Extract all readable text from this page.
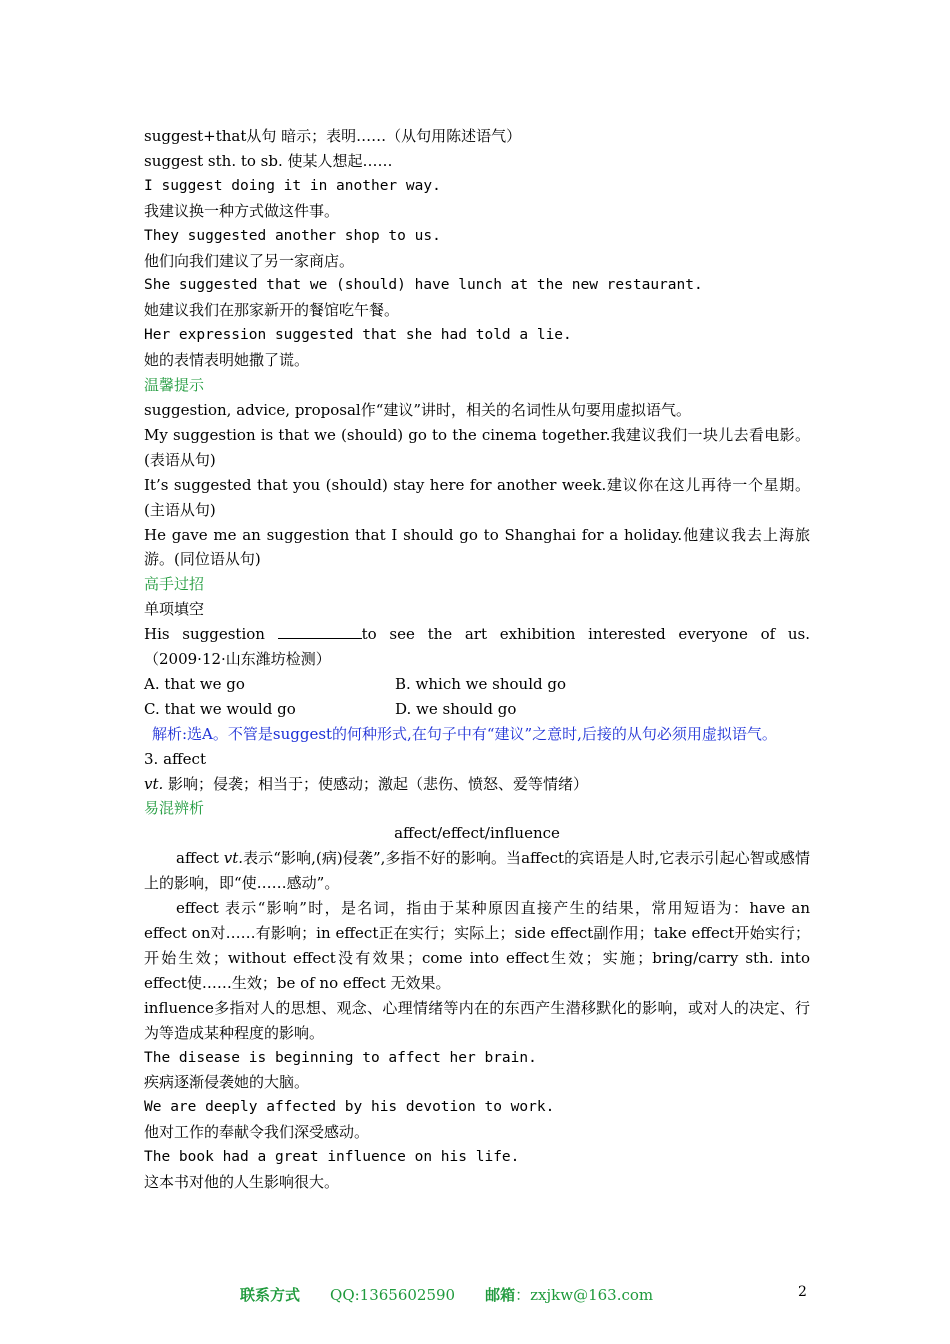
suggest+that从句 暗示；表明……（从句用陈述语气）
suggest sth. to sb. 使某人想起……
I suggest doing it in another way.
我建议换一种方式做这件事。
They suggested another shop to us.
他们向我们建议了另一家商店。
She suggested that we (should) have lunch at the new restaurant.
她建议我们在那家新开的餐馆吃午餐。
Her expression suggested that she had told a lie.
她的表情表明她撒了谎。
温馨提示
suggestion, advice, proposal作“建议”讲时，相关的名词性从句要用虚拟语气。
My suggestion is that we (should) go to the cinema together.我建议我们一块儿去看电影。(表语从句)
It’s suggested that you (should) stay here for another week.建议你在这儿再待一个星期。(主语从句)
He gave me an suggestion that I should go to Shanghai for a holiday.他建议我去上海旅游。(同位语从句)
高手过招
单项填空
His suggestion	to see the art exhibition interested everyone of us.（2009·12·山东潍坊检测）
A. that we go	B. which we should go
C. that we would go	D. we should go
解析:选A。不管是suggest的何种形式,在句子中有“建议”之意时,后接的从句必须用虚拟语气。
3. affect
vt. 影响；侵袭；相当于；使感动；激起（悲伤、愤怒、爱等情绪）
易混辨析
affect/effect/influence
affect vt.表示“影响,(病)侵袭”,多指不好的影响。当affect的宾语是人时,它表示引起心智或感情上的影响，即“使……感动”。
effect 表示“影响”时，是名词，指由于某种原因直接产生的结果，常用短语为：have an effect on对……有影响；in effect正在实行；实际上；side effect副作用；take effect开始实行；开始生效；without effect没有效果；come into effect生效；实施；bring/carry sth. into effect使……生效；be of no effect 无效果。
influence多指对人的思想、观念、心理情绪等内在的东西产生潜移默化的影响，或对人的决定、行为等造成某种程度的影响。
The disease is beginning to affect her brain.
疾病逐渐侵袭她的大脑。
We are deeply affected by his devotion to work.
他对工作的奉献令我们深受感动。
The book had a great influence on his life.
这本书对他的人生影响很大。
联系方式 QQ:1365602590 邮箱：zxjkw@163.com	2
